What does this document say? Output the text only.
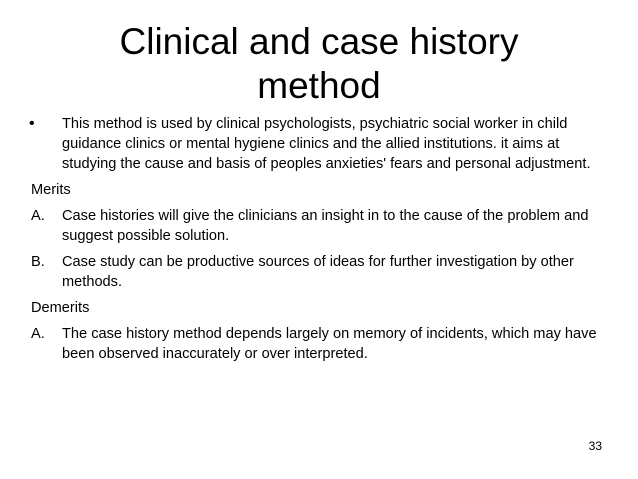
Clinical and case history
method
• This method is used by clinical psychologists, psychiatric social worker in child guidance clinics or mental hygiene clinics and the allied institutions. it aims at studying the cause and basis of peoples anxieties' fears and personal adjustment.
Merits
A. Case histories will give the clinicians an insight in to the cause of the problem and suggest possible solution.
B. Case study can be productive sources of ideas for further investigation by other methods.
Demerits
A. The case history method depends largely on memory of incidents, which may have been observed inaccurately or over interpreted.
33
